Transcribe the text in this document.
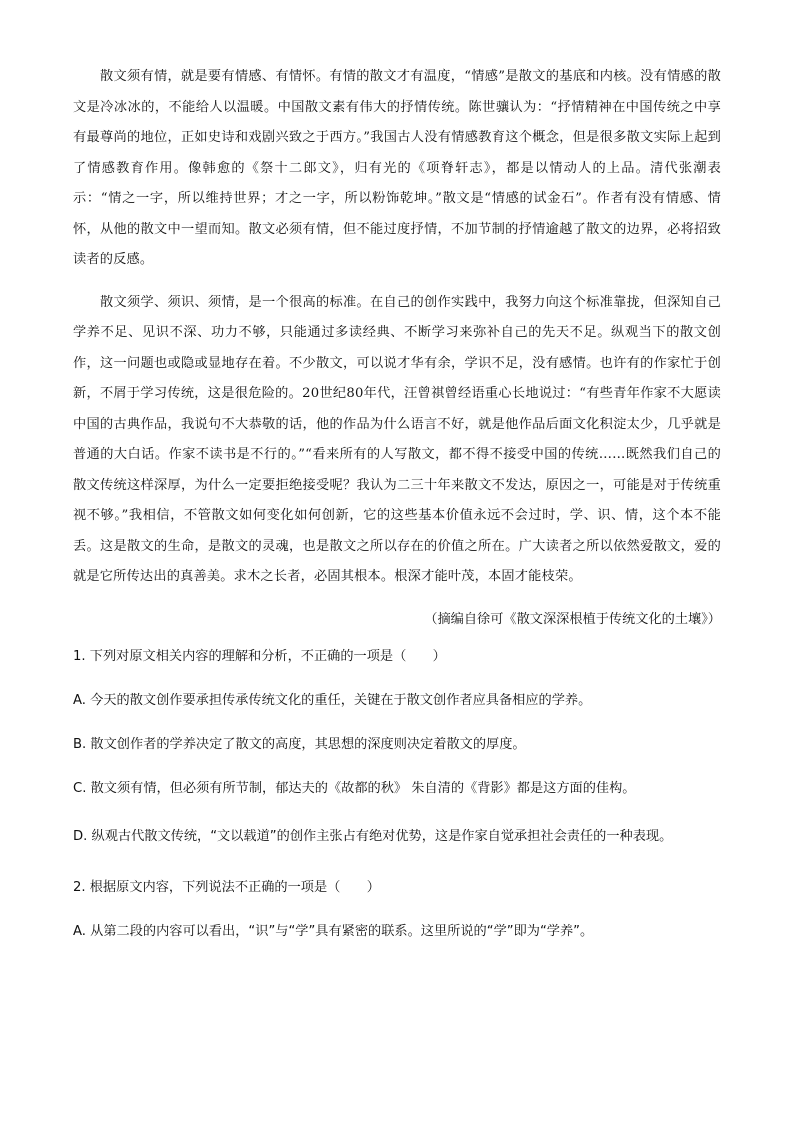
散文须有情，就是要有情感、有情怀。有情的散文才有温度，“情感”是散文的基底和内核。没有情感的散文是冷冰冰的，不能给人以温暖。中国散文素有伟大的抒情传统。陈世骧认为：“抒情精神在中国传统之中享有最尊尚的地位，正如史诗和戏剧兴致之于西方。”我国古人没有情感教育这个概念，但是很多散文实际上起到了情感教育作用。像韩愈的《祭十二郎文》，归有光的《项脊轩志》，都是以情动人的上品。清代张潮表示：“情之一字，所以维持世界；才之一字，所以粉饰乾坤。”散文是“情感的试金石”。作者有没有情感、情怀，从他的散文中一望而知。散文必须有情，但不能过度抒情，不加节制的抒情逾越了散文的边界，必将招致读者的反感。

散文须学、须识、须情，是一个很高的标准。在自己的创作实践中，我努力向这个标准靠拢，但深知自己学养不足、见识不深、功力不够，只能通过多读经典、不断学习来弥补自己的先天不足。纵观当下的散文创作，这一问题也或隐或显地存在着。不少散文，可以说才华有余，学识不足，没有感情。也许有的作家忙于创新，不屑于学习传统，这是很危险的。20世纪80年代，汪曾祺曾经语重心长地说过：“有些青年作家不大愿读中国的古典作品，我说句不大恭敬的话，他的作品为什么语言不好，就是他作品后面文化积淀太少，几乎就是普通的大白话。作家不读书是不行的。”“看来所有的人写散文，都不得不接受中国的传统……既然我们自己的散文传统这样深厚，为什么一定要拒绝接受呢？我认为二三十年来散文不发达，原因之一，可能是对于传统重视不够。”我相信，不管散文如何变化如何创新，它的这些基本价值永远不会过时，学、识、情，这个本不能丢。这是散文的生命，是散文的灵魂，也是散文之所以存在的价值之所在。广大读者之所以依然爱散文，爱的就是它所传达出的真善美。求木之长者，必固其根本。根深才能叶茂，本固才能枝荣。

（摘编自徐可《散文深深根植于传统文化的土壤》）

1. 下列对原文相关内容的理解和分析，不正确的一项是（　　）

A. 今天的散文创作要承担传承传统文化的重任，关键在于散文创作者应具备相应的学养。

B. 散文创作者的学养决定了散文的高度，其思想的深度则决定着散文的厚度。

C. 散文须有情，但必须有所节制，郁达夫的《故都的秋》 朱自清的《背影》都是这方面的佳构。

D. 纵观古代散文传统，“文以载道”的创作主张占有绝对优势，这是作家自觉承担社会责任的一种表现。

2. 根据原文内容，下列说法不正确的一项是（　　）

A. 从第二段的内容可以看出，“识”与“学”具有紧密的联系。这里所说的“学”即为“学养”。
